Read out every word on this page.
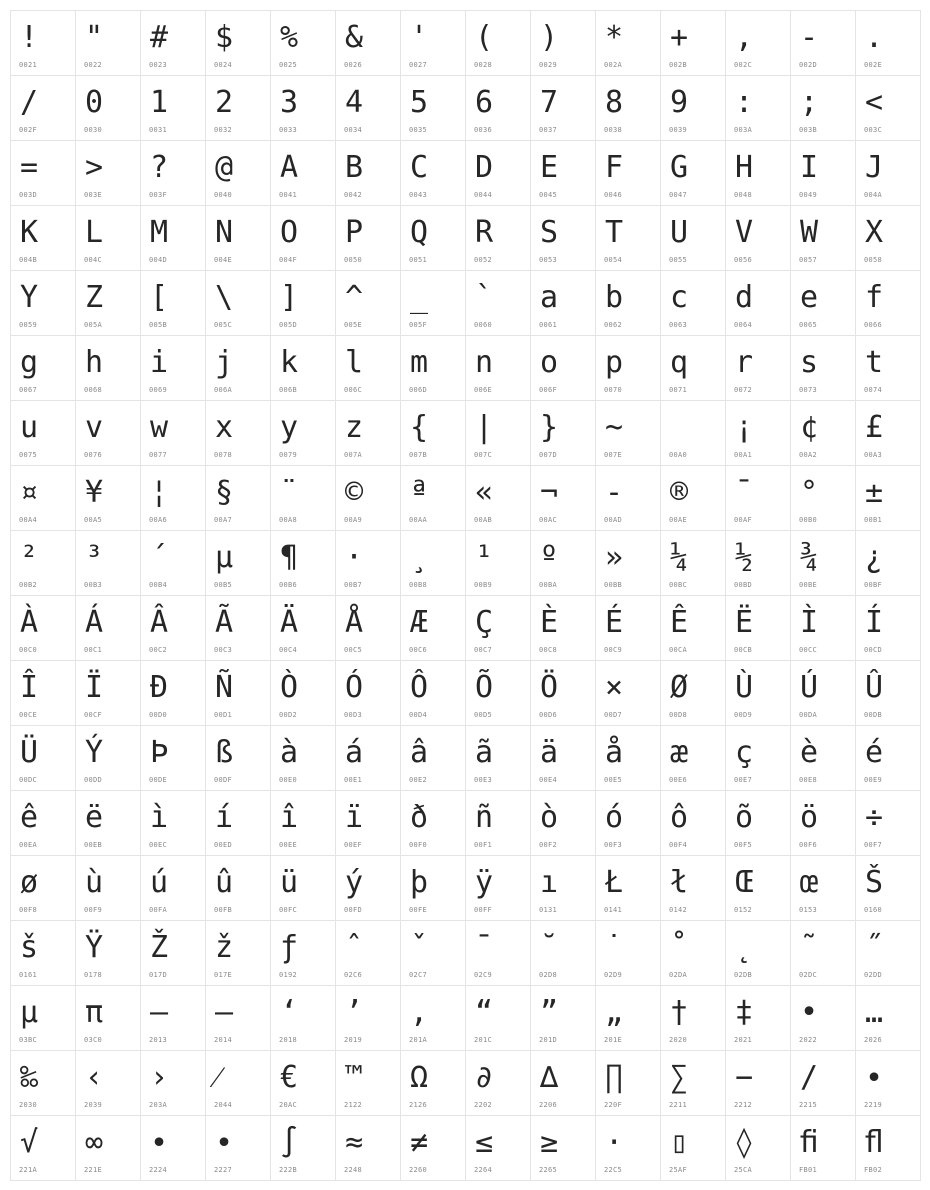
!
0021
"
0022
#
0023
$
0024
%
0025
&
0026
'
0027
(
0028
)
0029
*
002A
+
002B
,
002C
-
002D
.
002E
/
002F
0
0030
1
0031
2
0032
3
0033
4
0034
5
0035
6
0036
7
0037
8
0038
9
0039
:
003A
;
003B
<
003C
=
003D
>
003E
?
003F
@
0040
A
0041
B
0042
C
0043
D
0044
E
0045
F
0046
G
0047
H
0048
I
0049
J
004A
K
004B
L
004C
M
004D
N
004E
O
004F
P
0050
Q
0051
R
0052
S
0053
T
0054
U
0055
V
0056
W
0057
X
0058
Y
0059
Z
005A
[
005B
\
005C
]
005D
^
005E
_
005F
`
0060
a
0061
b
0062
c
0063
d
0064
e
0065
f
0066
g
0067
h
0068
i
0069
j
006A
k
006B
l
006C
m
006D
n
006E
o
006F
p
0070
q
0071
r
0072
s
0073
t
0074
u
0075
v
0076
w
0077
x
0078
y
0079
z
007A
{
007B
|
007C
}
007D
~
007E
	00A0
¡
00A1
¢
00A2
£
00A3
¤
00A4
¥
00A5
¦
00A6
§
00A7
¨
00A8
©
00A9
ª
00AA
«
00AB
¬
00AC
-
00AD
®
00AE
¯
00AF
°
00B0
±
00B1
²
00B2
³
00B3
´
00B4
µ
00B5
¶
00B6
·
00B7
¸
00B8
¹
00B9
º
00BA
»
00BB
¼
00BC
½
00BD
¾
00BE
¿
00BF
À
00C0
Á
00C1
Â
00C2
Ã
00C3
Ä
00C4
Å
00C5
Æ
00C6
Ç
00C7
È
00C8
É
00C9
Ê
00CA
Ë
00CB
Ì
00CC
Í
00CD
Î
00CE
Ï
00CF
Ð
00D0
Ñ
00D1
Ò
00D2
Ó
00D3
Ô
00D4
Õ
00D5
Ö
00D6
×
00D7
Ø
00D8
Ù
00D9
Ú
00DA
Û
00DB
Ü
00DC
Ý
00DD
Þ
00DE
ß
00DF
à
00E0
á
00E1
â
00E2
ã
00E3
ä
00E4
å
00E5
æ
00E6
ç
00E7
è
00E8
é
00E9
ê
00EA
ë
00EB
ì
00EC
í
00ED
î
00EE
ï
00EF
ð
00F0
ñ
00F1
ò
00F2
ó
00F3
ô
00F4
õ
00F5
ö
00F6
÷
00F7
ø
00F8
ù
00F9
ú
00FA
û
00FB
ü
00FC
ý
00FD
þ
00FE
ÿ
00FF
ı
0131
Ł
0141
ł
0142
Œ
0152
œ
0153
Š
0160
š
0161
Ÿ
0178
Ž
017D
ž
017E
ƒ
0192
ˆ
02C6
ˇ
02C7
ˉ
02C9
˘
02D8
˙
02D9
˚
02DA
˛
02DB
˜
02DC
˝
02DD
μ
03BC
π
03C0
–
2013
—
2014
‘
2018
’
2019
‚
201A
“
201C
”
201D
„
201E
†
2020
‡
2021
•
2022
…
2026
‰
2030
‹
2039
›
203A
⁄
2044
€
20AC
™
2122
Ω
2126
∂
2202
∆
2206
∏
220F
∑
2211
−
2212
∕
2215
∙
2219
√
221A
∞
221E
∙
2224
∙
2227
∫
222B
≈
2248
≠
2260
≤
2264
≥
2265
⋅
22C5
▯
25AF
◊
25CA
ﬁ
FB01
ﬂ
FB02
